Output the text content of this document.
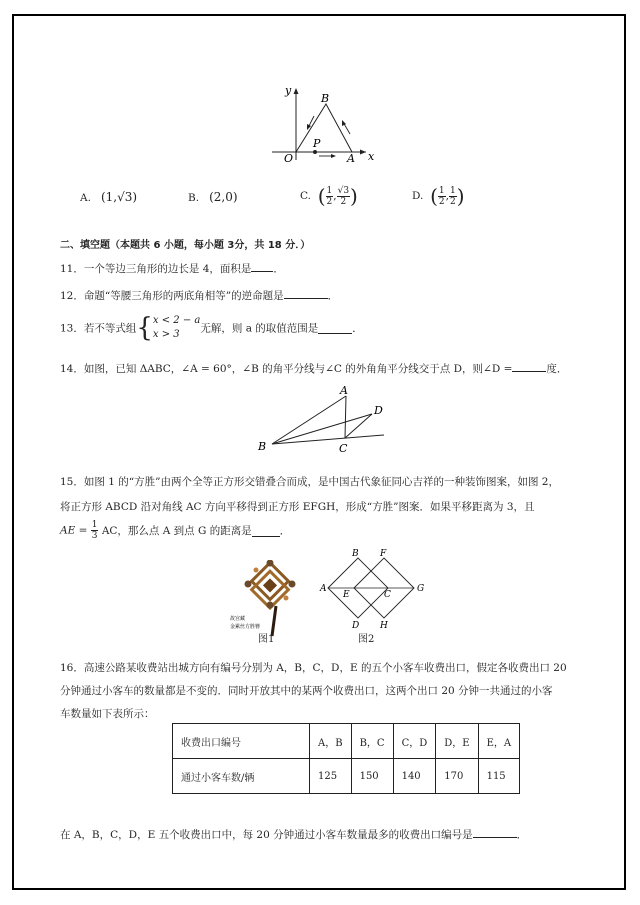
y
x
B
O
P
A
A. (1,√3)	B. (2,0)	C. ( $\frac{1}{2}$ , $\frac{√3}{2}$ )	D. ( $\frac{1}{2}$ , $\frac{1}{2}$ )
二、填空题（本题共 6 小题，每小题 3分，共 18 分．）
11．一个等边三角形的边长是 4，面积是 ．
12．命题“等腰三角形的两底角相等”的逆命题是	．
13．若不等式组{ x < 2 − a
x > 3	无解，则 a 的取值范围是	．
14．如图，已知 ΔABC，∠A = 60°，∠B 的角平分线与∠C 的外角角平分线交于点 D，则∠D =	度．
A
B	C
D
15．如图 1 的“方胜”由两个全等正方形交错叠合而成，是中国古代象征同心吉祥的一种装饰图案，如图 2，
将正方形 ABCD 沿对角线 AC 方向平移得到正方形 EFGH，形成“方胜”图案．如果平移距离为 3，且
AE = $\frac{1}{3}$ AC，那么点 A 到点 G 的距离是	．
故宫藏
金累丝方胜簪
图1
B F
A
E	C
G
D H
图2
16．高速公路某收费站出城方向有编号分别为 A，B，C，D，E 的五个小客车收费出口，假定各收费出口 20
分钟通过小客车的数量都是不变的．同时开放其中的某两个收费出口，这两个出口 20 分钟一共通过的小客
车数量如下表所示：
收费出口编号	A，B	B，C	C，D	D，E	E，A
通过小客车数/辆	125	150	140	170	115
在 A，B，C，D，E 五个收费出口中，每 20 分钟通过小客车数量最多的收费出口编号是	．
